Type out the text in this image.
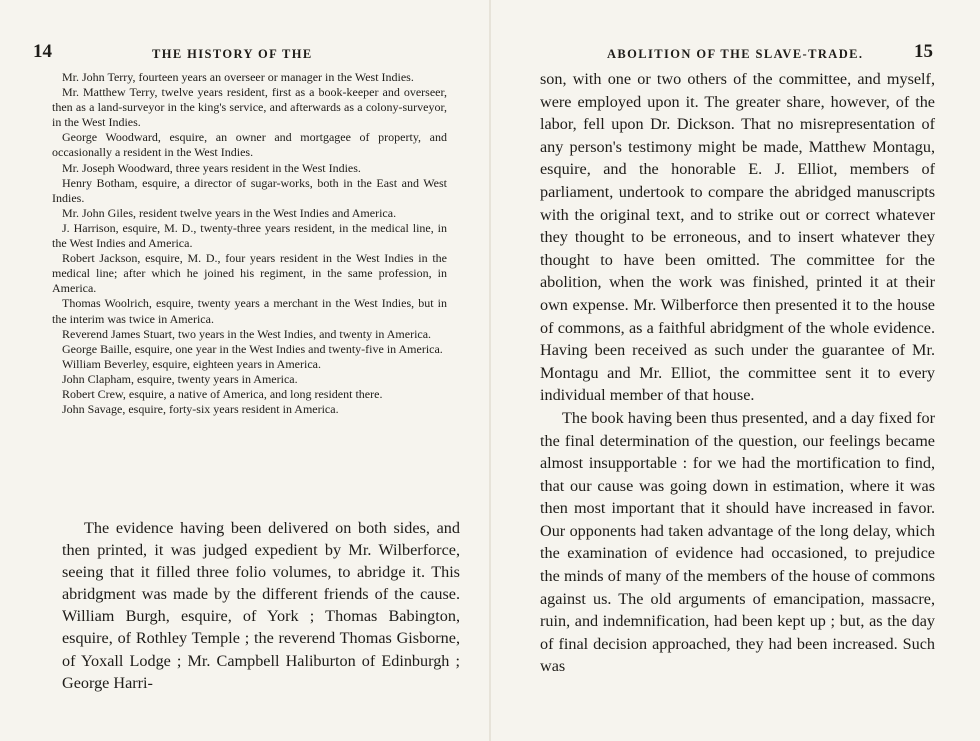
14	THE HISTORY OF THE

Mr. John Terry, fourteen years an overseer or manager in the West Indies.

Mr. Matthew Terry, twelve years resident, first as a book-keeper and overseer, then as a land-surveyor in the king's service, and afterwards as a colony-surveyor, in the West Indies.

George Woodward, esquire, an owner and mortgagee of property, and occasionally a resident in the West Indies.

Mr. Joseph Woodward, three years resident in the West Indies.

Henry Botham, esquire, a director of sugar-works, both in the East and West Indies.

Mr. John Giles, resident twelve years in the West Indies and America.

J. Harrison, esquire, M. D., twenty-three years resident, in the medical line, in the West Indies and America.

Robert Jackson, esquire, M. D., four years resident in the West Indies in the medical line; after which he joined his regiment, in the same profession, in America.

Thomas Woolrich, esquire, twenty years a merchant in the West Indies, but in the interim was twice in America.

Reverend James Stuart, two years in the West Indies, and twenty in America.

George Baille, esquire, one year in the West Indies and twenty-five in America.

William Beverley, esquire, eighteen years in America.

John Clapham, esquire, twenty years in America.

Robert Crew, esquire, a native of America, and long resident there.

John Savage, esquire, forty-six years resident in America.

The evidence having been delivered on both sides, and then printed, it was judged expedient by Mr. Wilberforce, seeing that it filled three folio volumes, to abridge it. This abridgment was made by the different friends of the cause. William Burgh, esquire, of York ; Thomas Babington, esquire, of Rothley Temple ; the reverend Thomas Gisborne, of Yoxall Lodge ; Mr. Campbell Haliburton of Edinburgh ; George Harri-

ABOLITION OF THE SLAVE-TRADE.	15

son, with one or two others of the committee, and myself, were employed upon it. The greater share, however, of the labor, fell upon Dr. Dickson. That no misrepresentation of any person's testimony might be made, Matthew Montagu, esquire, and the honorable E. J. Elliot, members of parliament, undertook to compare the abridged manuscripts with the original text, and to strike out or correct whatever they thought to be erroneous, and to insert whatever they thought to have been omitted. The committee for the abolition, when the work was finished, printed it at their own expense. Mr. Wilberforce then presented it to the house of commons, as a faithful abridgment of the whole evidence. Having been received as such under the guarantee of Mr. Montagu and Mr. Elliot, the committee sent it to every individual member of that house.

The book having been thus presented, and a day fixed for the final determination of the question, our feelings became almost insupportable : for we had the mortification to find, that our cause was going down in estimation, where it was then most important that it should have increased in favor. Our opponents had taken advantage of the long delay, which the examination of evidence had occasioned, to prejudice the minds of many of the members of the house of commons against us. The old arguments of emancipation, massacre, ruin, and indemnification, had been kept up ; but, as the day of final decision approached, they had been increased. Such was
